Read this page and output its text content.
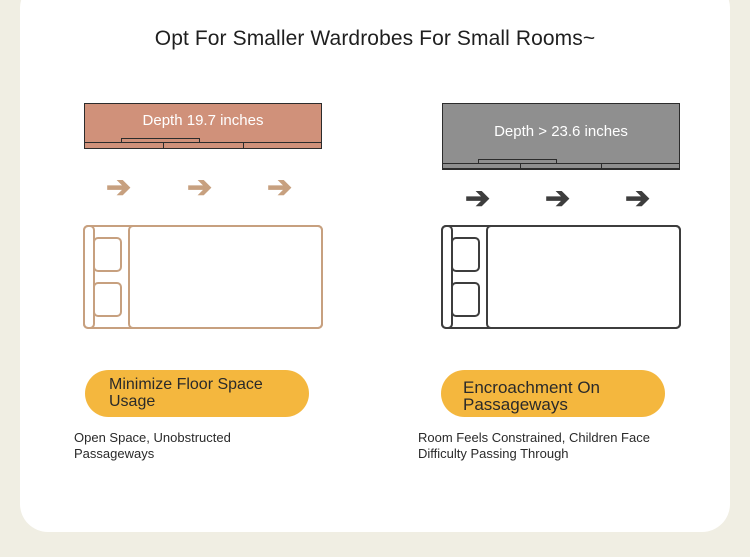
Opt For Smaller Wardrobes For Small Rooms~
Depth 19.7 inches
➔ ➔ ➔
Minimize Floor Space Usage
Open Space, Unobstructed Passageways
Depth > 23.6 inches
➔ ➔ ➔
Encroachment On Passageways
Room Feels Constrained, Children Face Difficulty Passing Through
